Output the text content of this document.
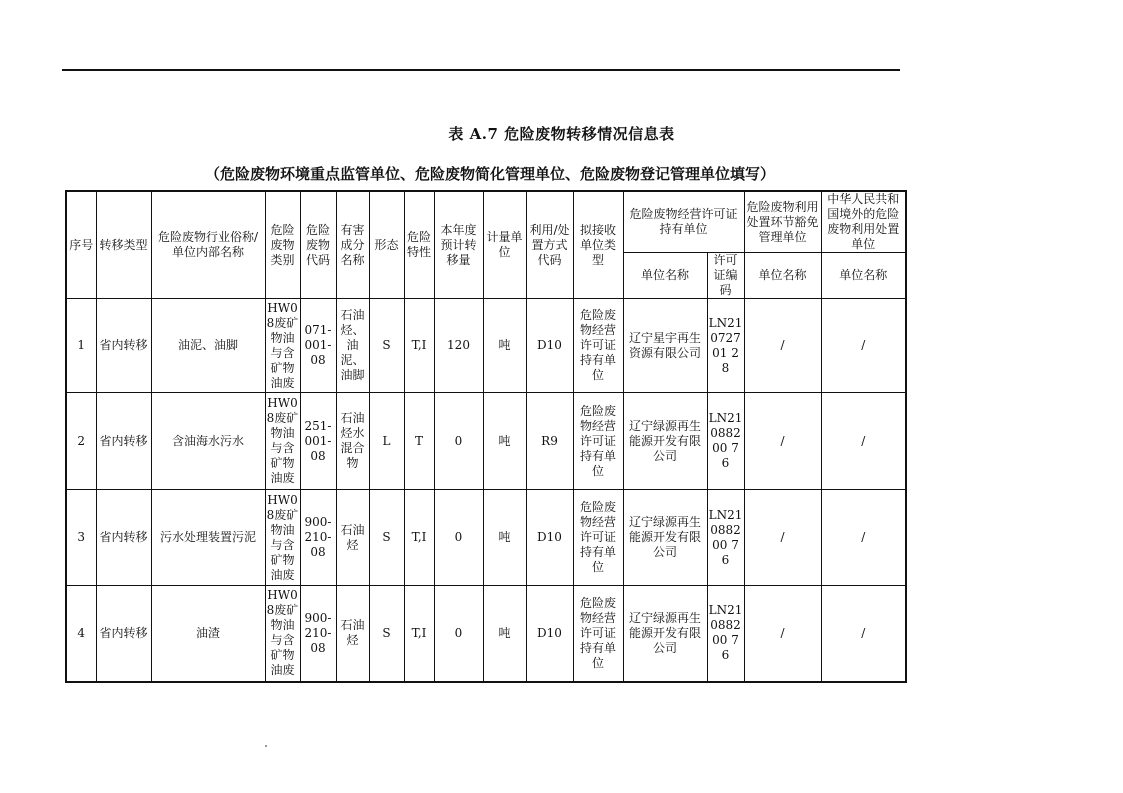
表 A.7 危险废物转移情况信息表
（危险废物环境重点监管单位、危险废物简化管理单位、危险废物登记管理单位填写）
序号	转移类型	危险废物行业俗称/单位内部名称	危险废物类别	危险废物代码	有害成分名称	形态	危险特性	本年度预计转移量	计量单位	利用/处置方式代码	拟接收单位类型	危险废物经营许可证持有单位		危险废物利用处置环节豁免管理单位	中华人民共和国境外的危险废物利用处置单位

												单位名称	许可证编码	单位名称	单位名称

1	省内转移	油泥、油脚	HW08废矿物油与含矿物油废	071-001-08	石油烃、油泥、油脚	S	T,I	120	吨	D10	危险废物经营许可证持有单位	辽宁星宇再生资源有限公司	LN21072701 28	/	/
2	省内转移	含油海水污水	HW08废矿物油与含矿物油废	251-001-08	石油烃水混合物	L	T	0	吨	R9	危险废物经营许可证持有单位	辽宁绿源再生能源开发有限公司	LN21088200 76	/	/
3	省内转移	污水处理装置污泥	HW08废矿物油与含矿物油废	900-210-08	石油烃	S	T,I	0	吨	D10	危险废物经营许可证持有单位	辽宁绿源再生能源开发有限公司	LN21088200 76	/	/
4	省内转移	油渣	HW08废矿物油与含矿物油废	900-210-08	石油烃	S	T,I	0	吨	D10	危险废物经营许可证持有单位	辽宁绿源再生能源开发有限公司	LN21088200 76	/	/
